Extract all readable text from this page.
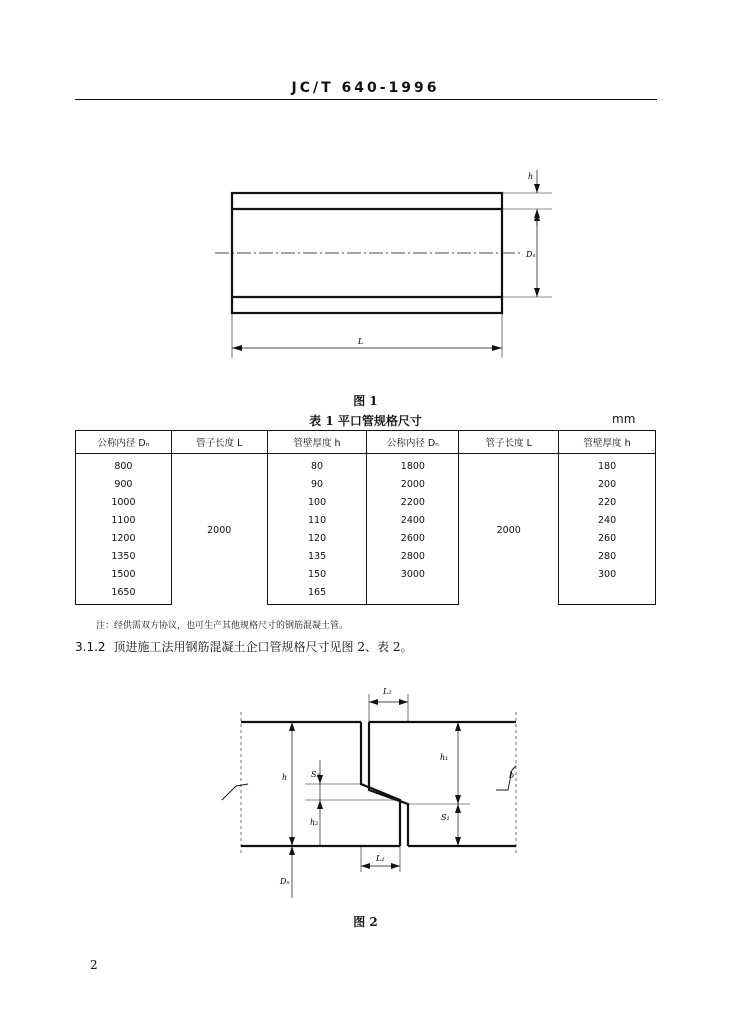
JC/T 640-1996
h
Dₙ
L
图 1
表 1 平口管规格尺寸	mm
公称内径 Dₙ	管子长度 L	管壁厚度 h	公称内径 Dₙ	管子长度 L	管壁厚度 h
800	2000	80	1800	2000	180
900		90	2000		200
1000		100	2200		220
1100		110	2400		240
1200		120	2600		260
1350		135	2800		280
1500		150	3000		300
1650		165			
注：经供需双方协议，也可生产其他规格尺寸的钢筋混凝土管。
3.1.2 顶进施工法用钢筋混凝土企口管规格尺寸见图 2、表 2。
L₂
L₁
h
h₁
h₂
S₂
S₁
Dₙ
b
图 2
2
